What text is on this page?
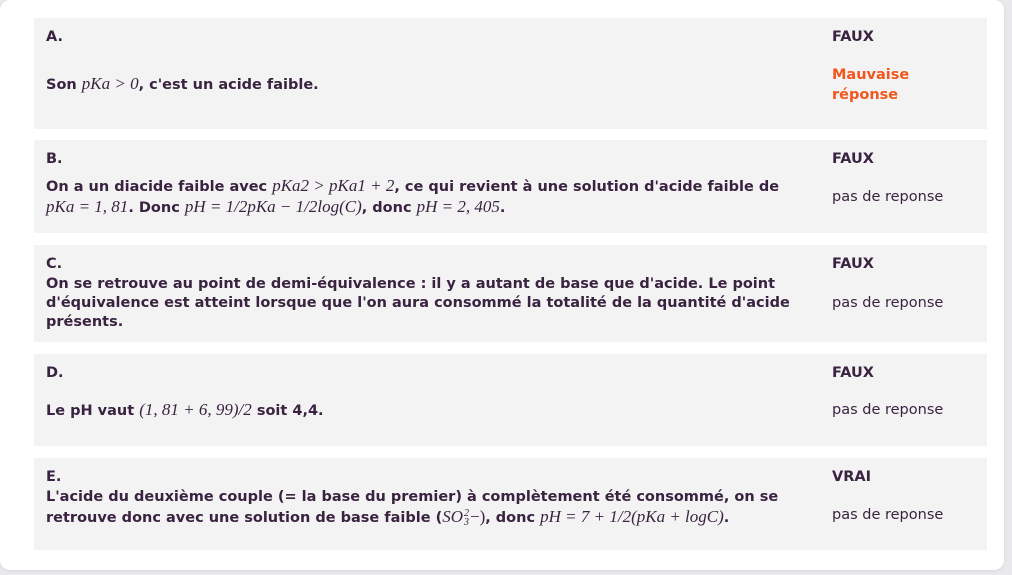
A.
Son pKa > 0, c'est un acide faible.
FAUX
Mauvaise réponse
B.
On a un diacide faible avec pKa2 > pKa1 + 2, ce qui revient à une solution d'acide faible de
pKa = 1, 81. Donc pH = 1/2pKa − 1/2log(C), donc pH = 2, 405.
FAUX
pas de reponse
C.
On se retrouve au point de demi-équivalence : il y a autant de base que d'acide. Le point d'équivalence est atteint lorsque que l'on aura consommé la totalité de la quantité d'acide présents.
FAUX
pas de reponse
D.
Le pH vaut (1, 81 + 6, 99)/2 soit 4,4.
FAUX
pas de reponse
E.
L'acide du deuxième couple (= la base du premier) à complètement été consommé, on se retrouve donc avec une solution de base faible (SO 2
3 −), donc pH = 7 + 1/2(pKa + logC).
VRAI
pas de reponse
